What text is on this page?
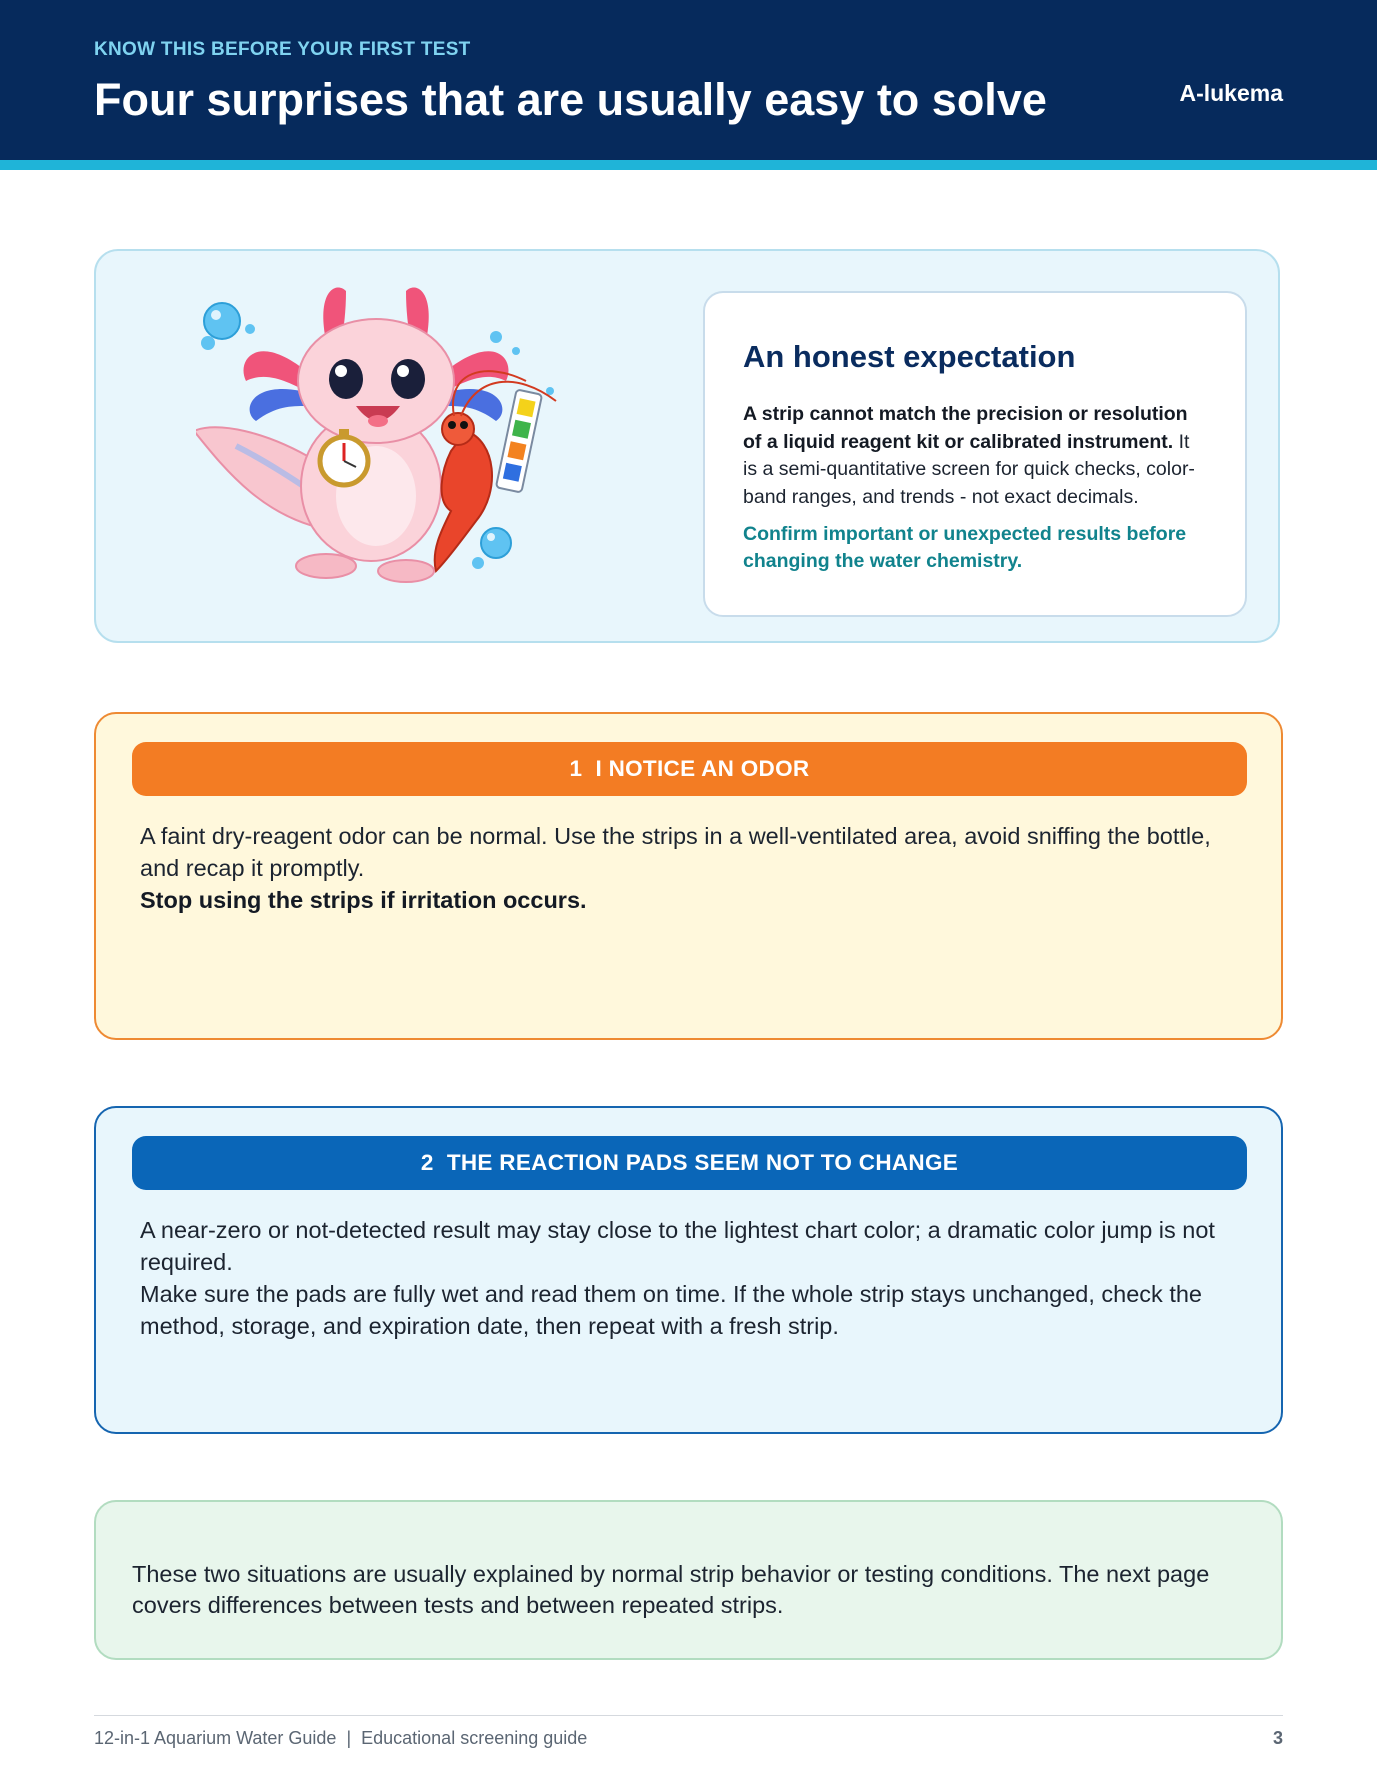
KNOW THIS BEFORE YOUR FIRST TEST
Four surprises that are usually easy to solve	A-lukema
An honest expectation

A strip cannot match the precision or resolution of a liquid reagent kit or calibrated instrument. It is a semi-quantitative screen for quick checks, color-band ranges, and trends - not exact decimals.

Confirm important or unexpected results before changing the water chemistry.

1 I NOTICE AN ODOR

A faint dry-reagent odor can be normal. Use the strips in a well-ventilated area, avoid sniffing the bottle, and recap it promptly.

Stop using the strips if irritation occurs.

2 THE REACTION PADS SEEM NOT TO CHANGE

A near-zero or not-detected result may stay close to the lightest chart color; a dramatic color jump is not required.

Make sure the pads are fully wet and read them on time. If the whole strip stays unchanged, check the method, storage, and expiration date, then repeat with a fresh strip.

These two situations are usually explained by normal strip behavior or testing conditions. The next page covers differences between tests and between repeated strips.

12-in-1 Aquarium Water Guide  |  Educational screening guide	3
